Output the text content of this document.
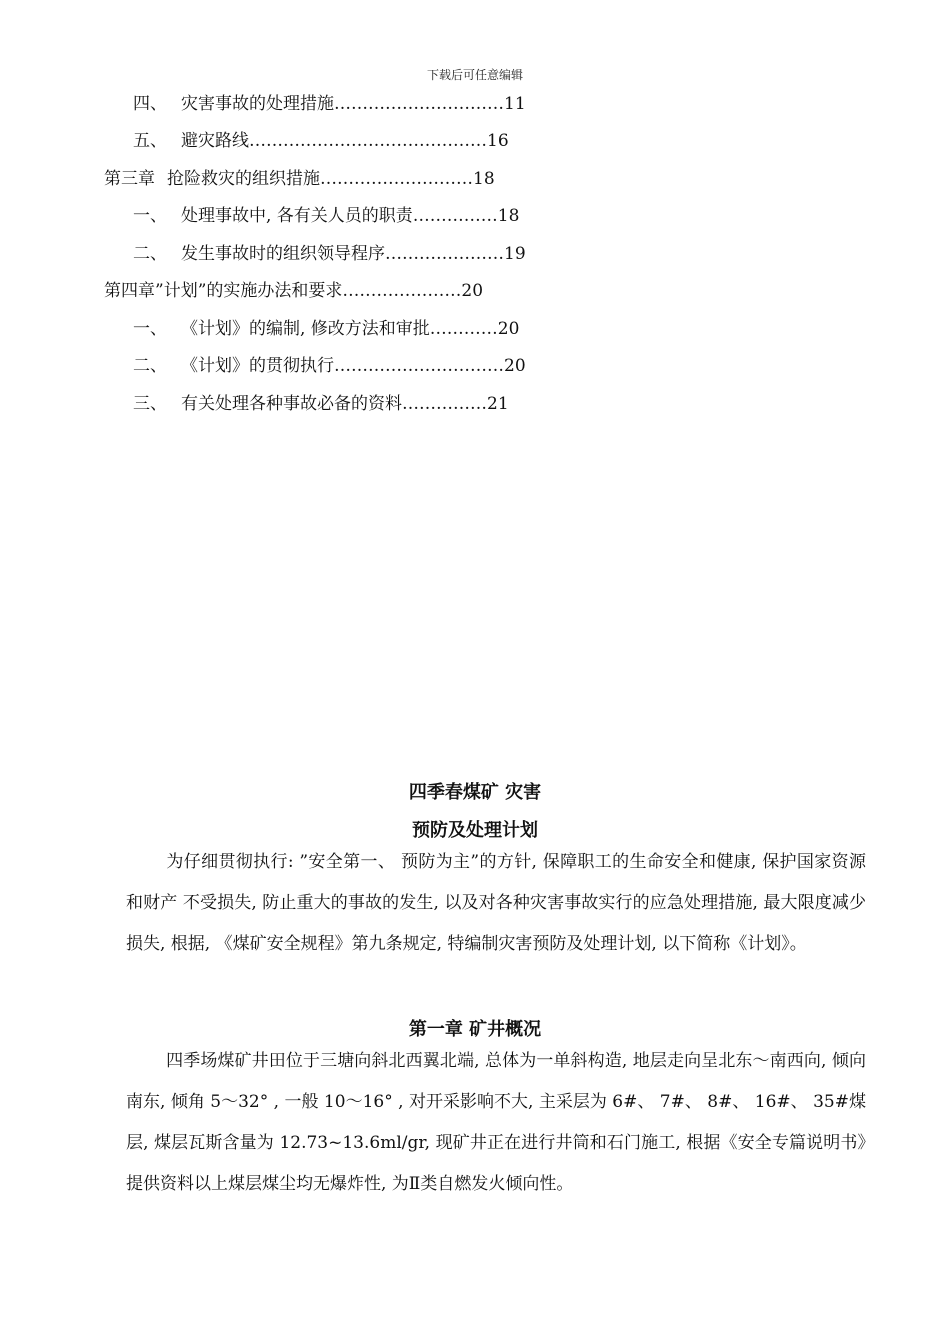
下载后可任意编辑
四、 灾害事故的处理措施…………………………11
五、 避灾路线……………………………………16
第三章 抢险救灾的组织措施………………………18
一、 处理事故中, 各有关人员的职责……………18
二、 发生事故时的组织领导程序…………………19
第四章”计划”的实施办法和要求…………………20
一、 《计划》的编制, 修改方法和审批…………20
二、 《计划》的贯彻执行…………………………20
三、 有关处理各种事故必备的资料……………21
四季春煤矿 灾害
预防及处理计划
为仔细贯彻执行: ”安全第一、 预防为主”的方针, 保障职工的生命安全和健康, 保护国家资源和财产 不受损失, 防止重大的事故的发生, 以及对各种灾害事故实行的应急处理措施, 最大限度减少损失, 根据, 《煤矿安全规程》第九条规定, 特编制灾害预防及处理计划, 以下简称《计划》。
第一章 矿井概况
四季场煤矿井田位于三塘向斜北西翼北端, 总体为一单斜构造, 地层走向呈北东～南西向, 倾向南东, 倾角 5～32° , 一般 10～16° , 对开采影响不大, 主采层为 6#、 7#、 8#、 16#、 35#煤层, 煤层瓦斯含量为 12.73~13.6ml/gr, 现矿井正在进行井筒和石门施工, 根据《安全专篇说明书》提供资料以上煤层煤尘均无爆炸性, 为Ⅱ类自燃发火倾向性。
